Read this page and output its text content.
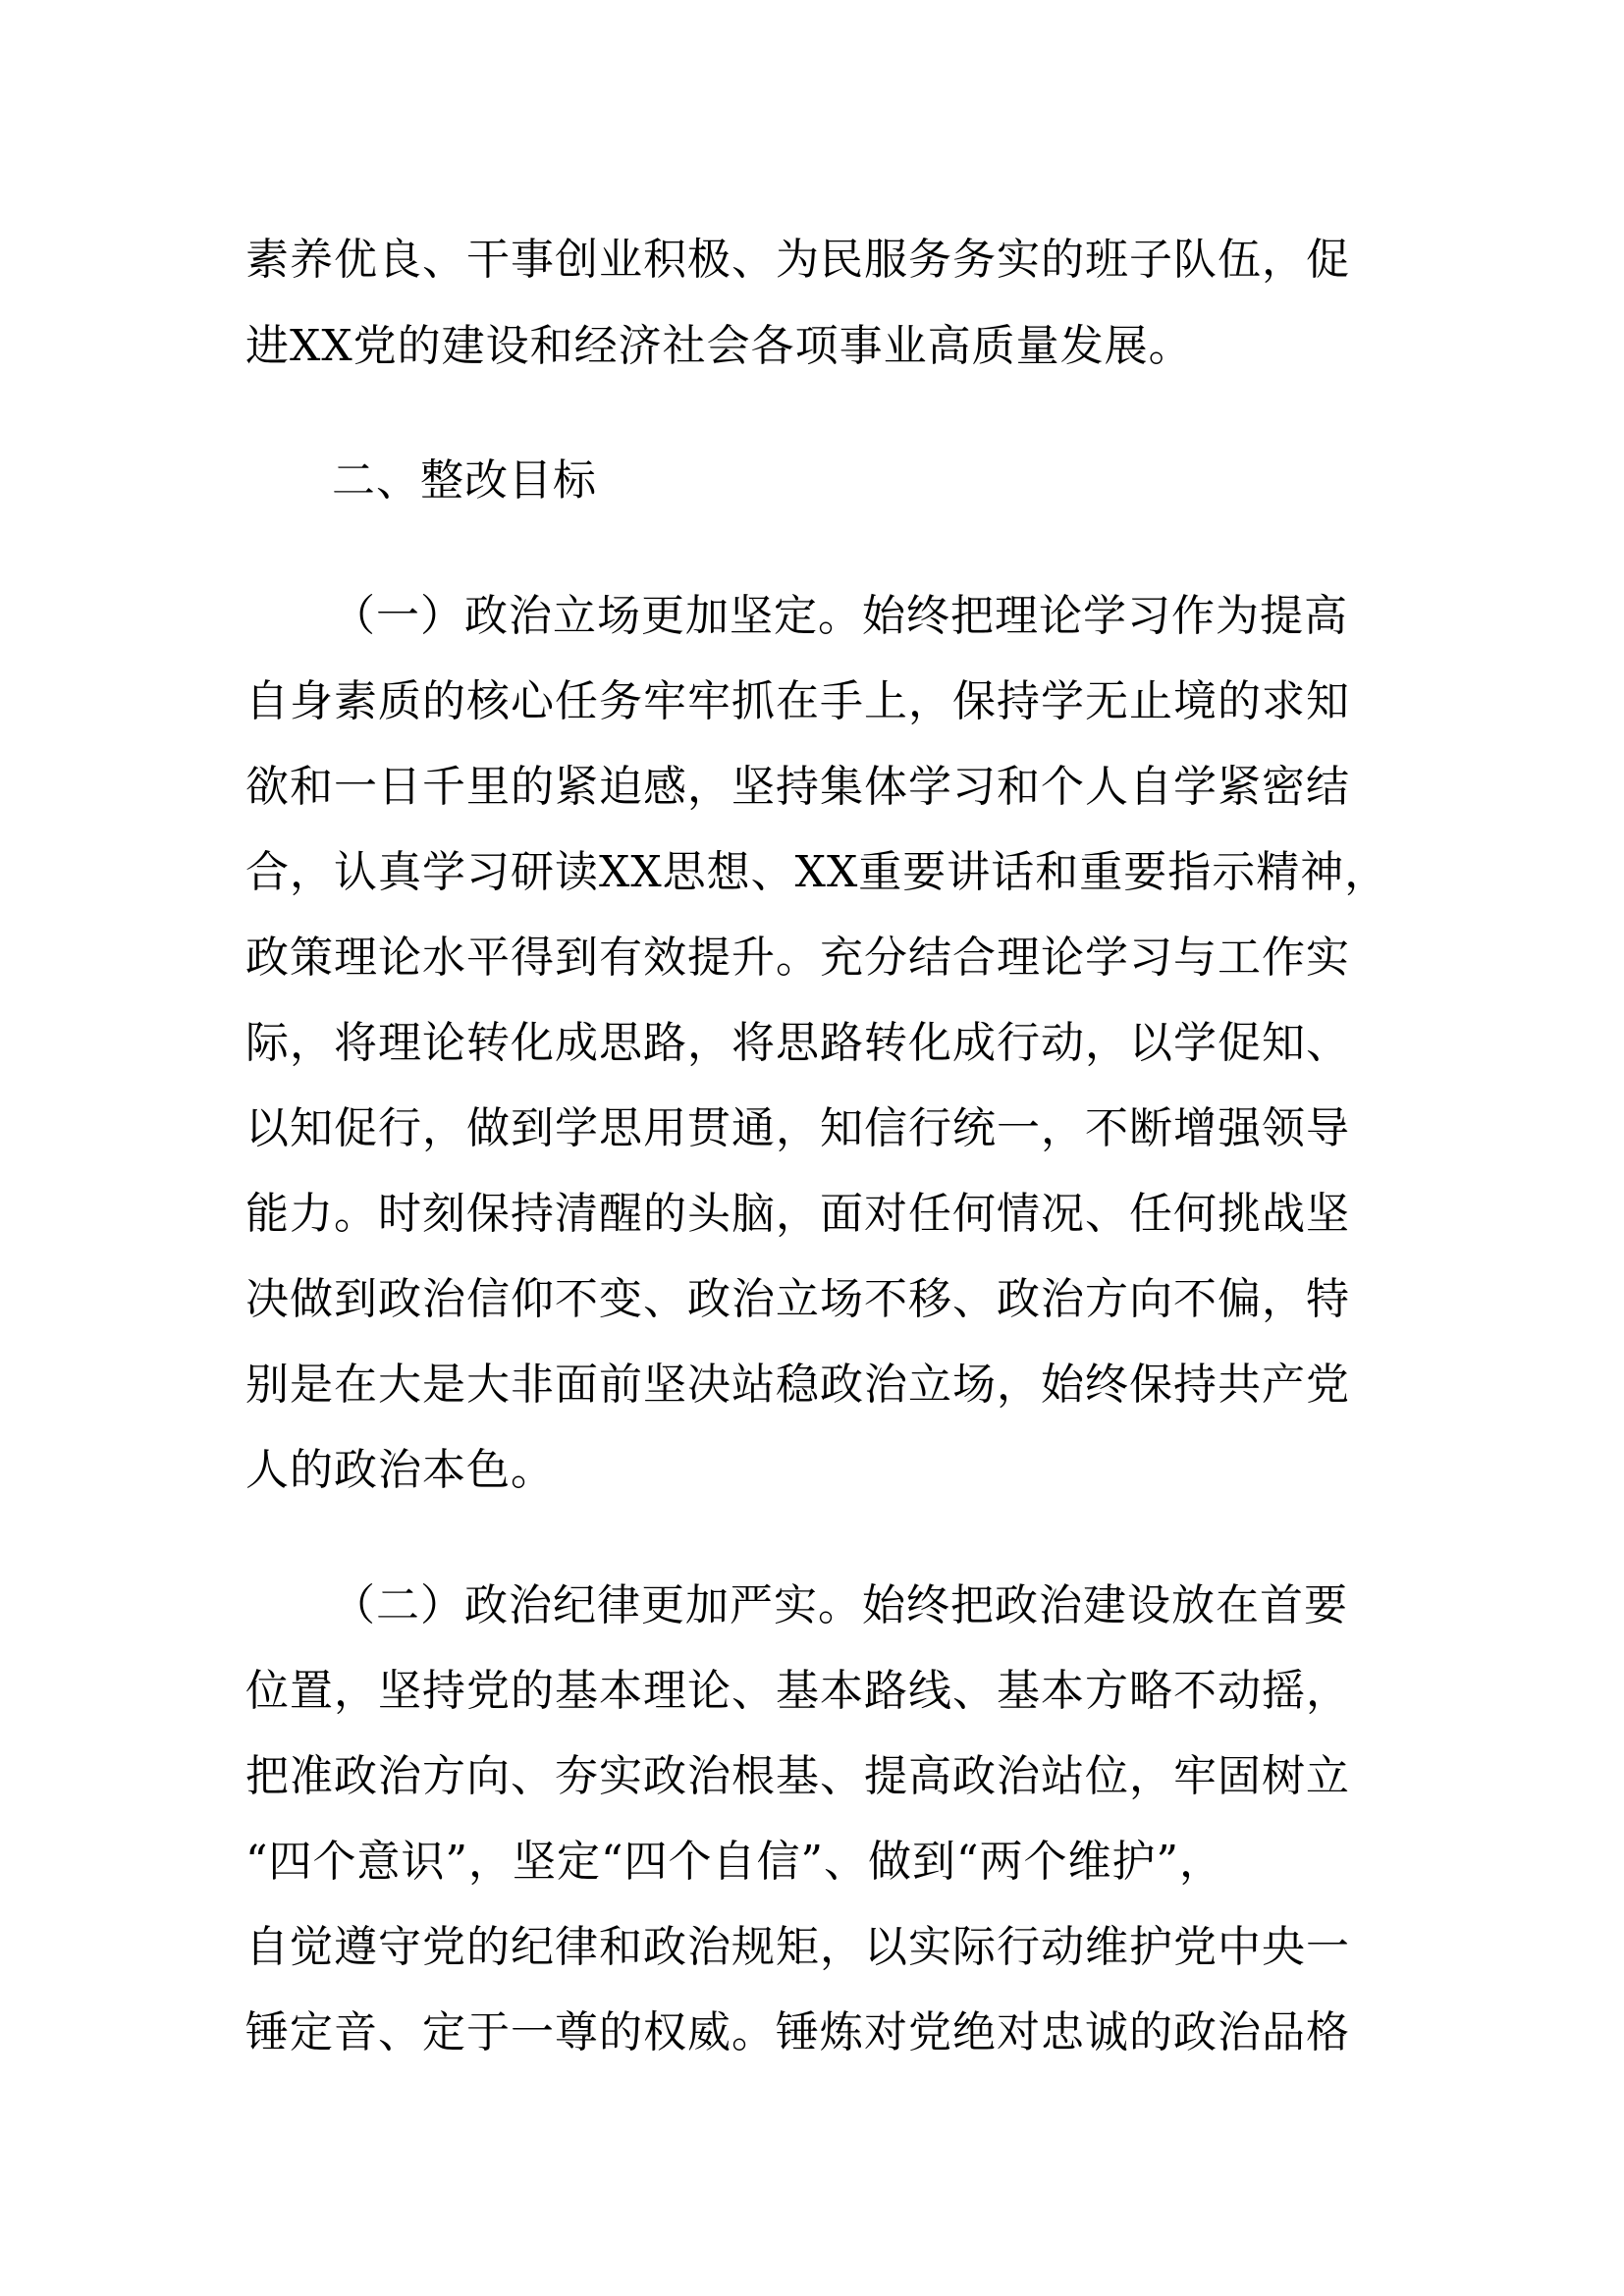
素养优良、干事创业积极、为民服务务实的班子队伍，促
进XX党的建设和经济社会各项事业高质量发展。
二、整改目标
（一）政治立场更加坚定。始终把理论学习作为提高
自身素质的核心任务牢牢抓在手上，保持学无止境的求知
欲和一日千里的紧迫感，坚持集体学习和个人自学紧密结
合，认真学习研读XX思想、XX重要讲话和重要指示精神，
政策理论水平得到有效提升。充分结合理论学习与工作实
际，将理论转化成思路，将思路转化成行动，以学促知、
以知促行，做到学思用贯通，知信行统一，不断增强领导
能力。时刻保持清醒的头脑，面对任何情况、任何挑战坚
决做到政治信仰不变、政治立场不移、政治方向不偏，特
别是在大是大非面前坚决站稳政治立场，始终保持共产党
人的政治本色。
（二）政治纪律更加严实。始终把政治建设放在首要
位置，坚持党的基本理论、基本路线、基本方略不动摇，
把准政治方向、夯实政治根基、提高政治站位，牢固树立
“四个意识”，坚定“四个自信”、做到“两个维护”，
自觉遵守党的纪律和政治规矩，以实际行动维护党中央一
锤定音、定于一尊的权威。锤炼对党绝对忠诚的政治品格
